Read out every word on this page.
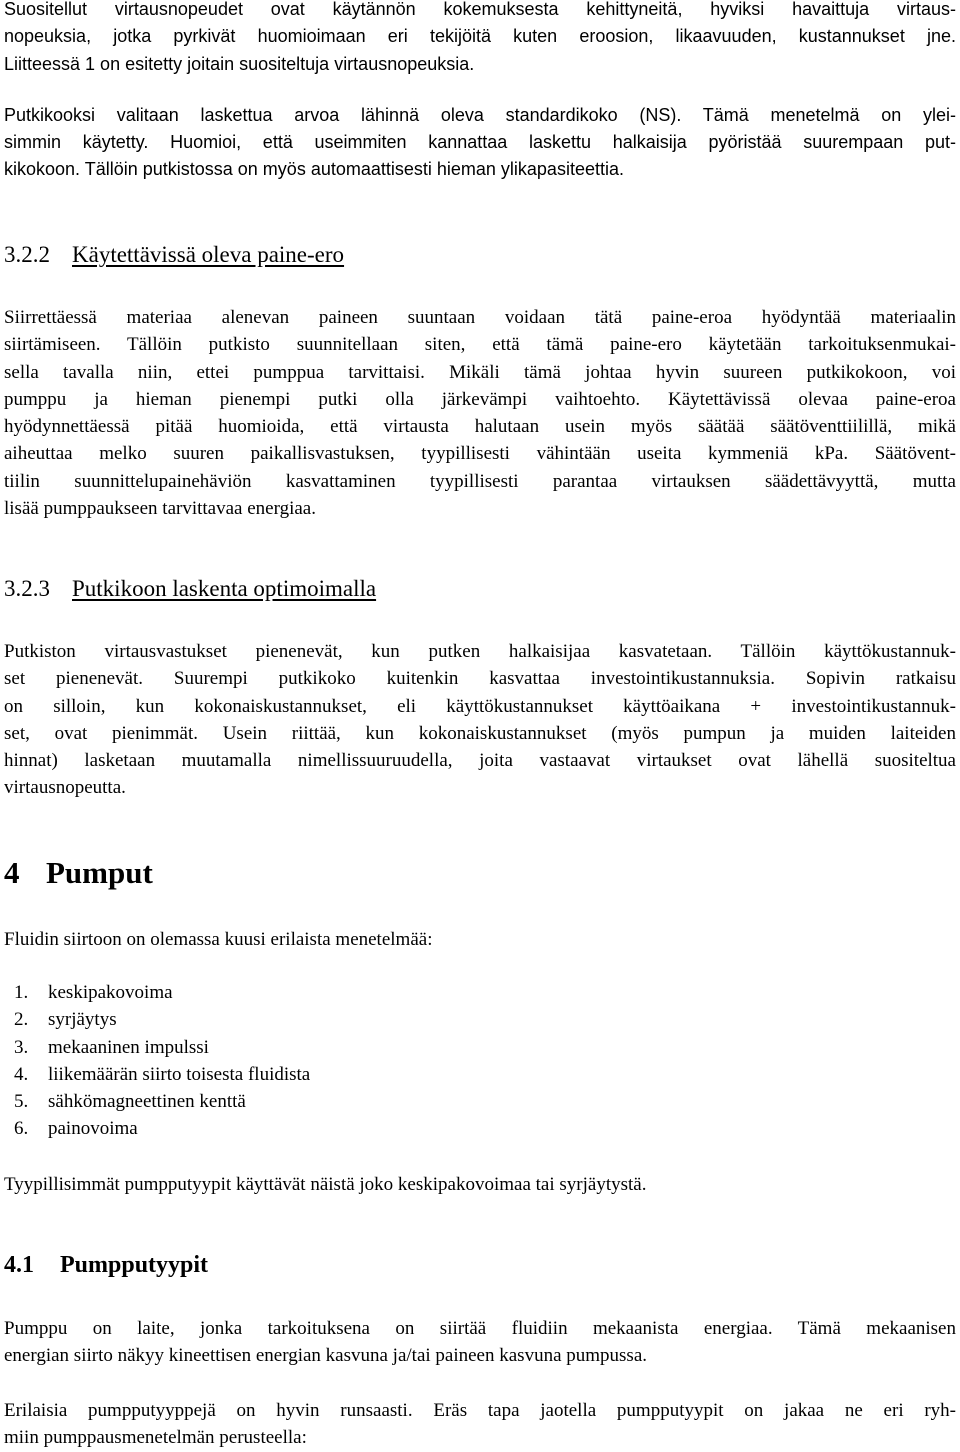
Suositellut virtausnopeudet ovat käytännön kokemuksesta kehittyneitä, hyviksi havaittuja virtaus-
nopeuksia, jotka pyrkivät huomioimaan eri tekijöitä kuten eroosion, likaavuuden, kustannukset jne.
Liitteessä 1 on esitetty joitain suositeltuja virtausnopeuksia.

Putkikooksi valitaan laskettua arvoa lähinnä oleva standardikoko (NS). Tämä menetelmä on ylei-
simmin käytetty. Huomioi, että useimmiten kannattaa laskettu halkaisija pyöristää suurempaan put-
kikokoon. Tällöin putkistossa on myös automaattisesti hieman ylikapasiteettia.

3.2.2 Käytettävissä oleva paine-ero

Siirrettäessä materiaa alenevan paineen suuntaan voidaan tätä paine-eroa hyödyntää materiaalin
siirtämiseen. Tällöin putkisto suunnitellaan siten, että tämä paine-ero käytetään tarkoituksenmukai-
sella tavalla niin, ettei pumppua tarvittaisi. Mikäli tämä johtaa hyvin suureen putkikokoon, voi
pumppu ja hieman pienempi putki olla järkevämpi vaihtoehto. Käytettävissä olevaa paine-eroa
hyödynnettäessä pitää huomioida, että virtausta halutaan usein myös säätää säätöventtiilillä, mikä
aiheuttaa melko suuren paikallisvastuksen, tyypillisesti vähintään useita kymmeniä kPa. Säätövent-
tiilin suunnittelupainehäviön kasvattaminen tyypillisesti parantaa virtauksen säädettävyyttä, mutta
lisää pumppaukseen tarvittavaa energiaa.

3.2.3 Putkikoon laskenta optimoimalla

Putkiston virtausvastukset pienenevät, kun putken halkaisijaa kasvatetaan. Tällöin käyttökustannuk-
set pienenevät. Suurempi putkikoko kuitenkin kasvattaa investointikustannuksia. Sopivin ratkaisu
on silloin, kun kokonaiskustannukset, eli käyttökustannukset käyttöaikana + investointikustannuk-
set, ovat pienimmät. Usein riittää, kun kokonaiskustannukset (myös pumpun ja muiden laiteiden
hinnat) lasketaan muutamalla nimellissuuruudella, joita vastaavat virtaukset ovat lähellä suositeltua
virtausnopeutta.

4 Pumput

Fluidin siirtoon on olemassa kuusi erilaista menetelmää:

1. keskipakovoima
2. syrjäytys
3. mekaaninen impulssi
4. liikemäärän siirto toisesta fluidista
5. sähkömagneettinen kenttä
6. painovoima

Tyypillisimmät pumpputyypit käyttävät näistä joko keskipakovoimaa tai syrjäytystä.

4.1 Pumpputyypit

Pumppu on laite, jonka tarkoituksena on siirtää fluidiin mekaanista energiaa. Tämä mekaanisen
energian siirto näkyy kineettisen energian kasvuna ja/tai paineen kasvuna pumpussa.

Erilaisia pumpputyyppejä on hyvin runsaasti. Eräs tapa jaotella pumpputyypit on jakaa ne eri ryh-
miin pumppausmenetelmän perusteella:
